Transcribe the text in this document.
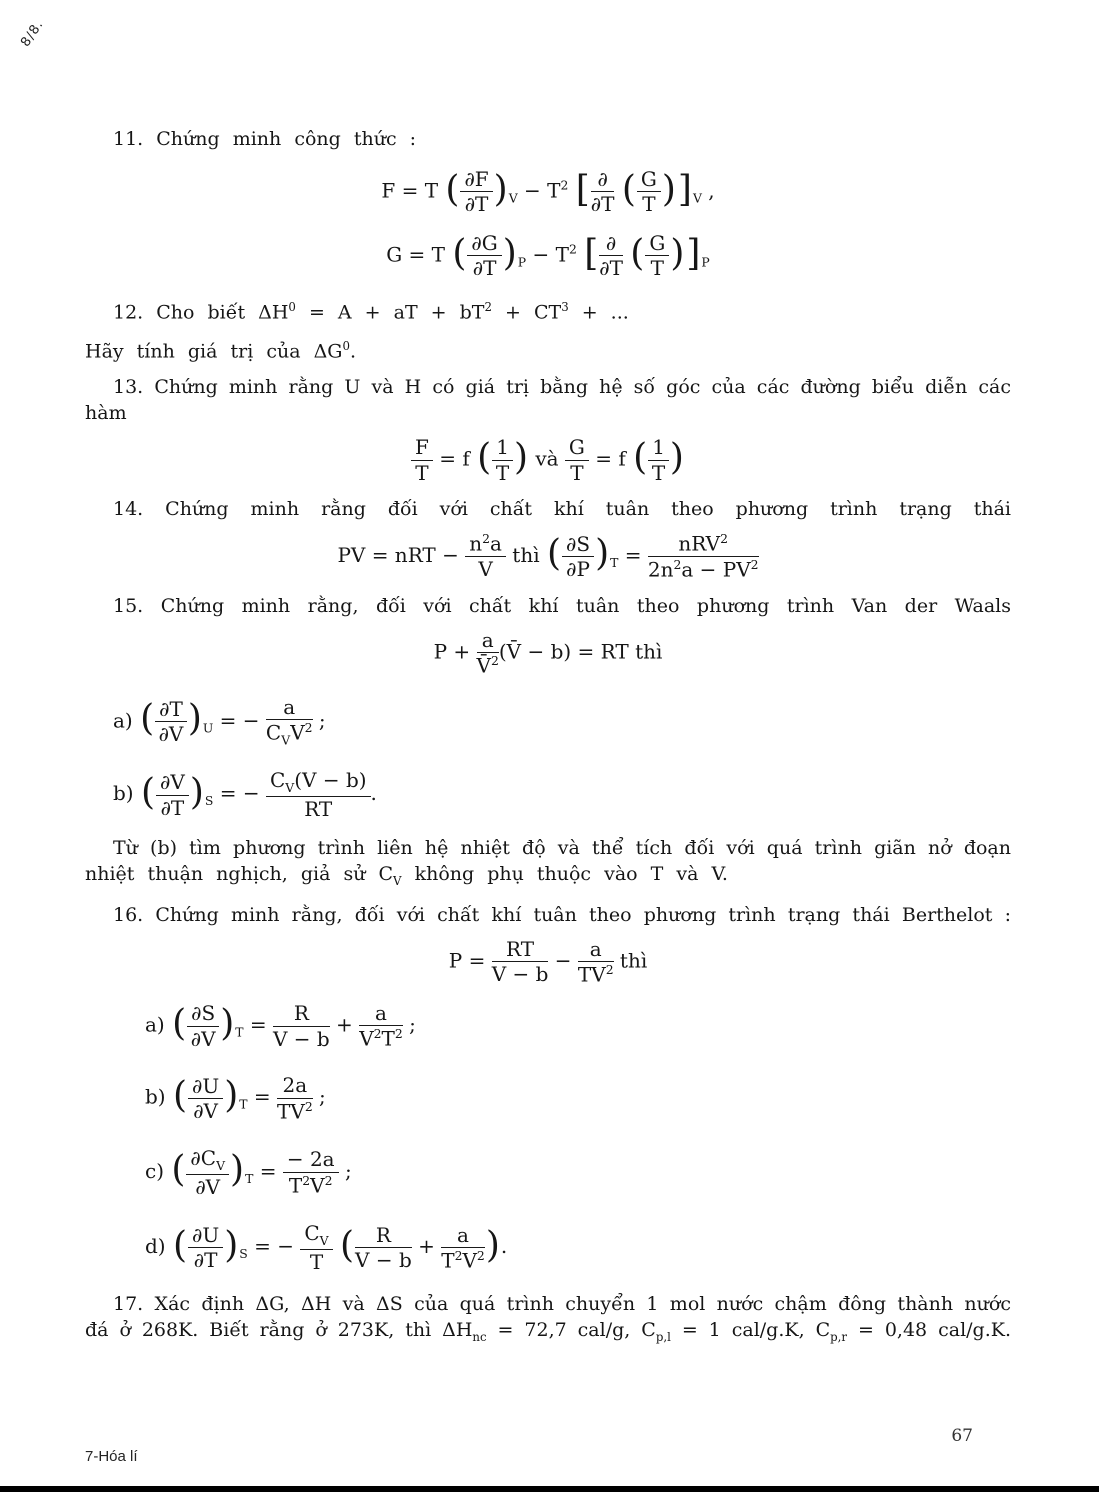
8/8.
11. Chứng minh công thức :
F = T ( $\frac{\partial F}{\partial T} )_V - T^2$ [ $\frac{\partial}{\partial T}$ ( $\frac{G}{T} )]_V$ ,
G = T ( $\frac{\partial G}{\partial T} )_P - T^2$ [ $\frac{\partial}{\partial T}$ ( $\frac{G}{T} )]_P$
12. Cho biết $\Delta H^0 = A$ + aT + $bT^2 + CT^3$ + ...
Hãy tính giá trị của $\Delta G^0$.
13. Chứng minh rằng U và H có giá trị bằng hệ số góc của các đường biểu diễn các
hàm
$\frac{F}{T} = f$ ( $\frac{1}{T}$ ) và $\frac{G}{T} = f$ ( $\frac{1}{T}$ )
14. Chứng minh rằng đối với chất khí tuân theo phương trình trạng thái
PV = nRT − $\frac{n^2a}{V}$ thì ( $\frac{\partial S}{\partial P} )_T = \frac{nRV^2}{2n^2a - PV^2}$
15. Chứng minh rằng, đối với chất khí tuân theo phương trình Van der Waals
$P + \frac{a}{V̄^2}$ (V̄ − b) = RT thì
a) ( $\frac{\partial T}{\partial V} )_U$ = − $\frac{a}{C_VV^2}$ ;
b) ( $\frac{\partial V}{\partial T} )_S$ = − $\frac{C_V(V - b)}{RT}$ .
Từ (b) tìm phương trình liên hệ nhiệt độ và thể tích đối với quá trình giãn nở đoạn
nhiệt thuận nghịch, giả sử $C_V$ không phụ thuộc vào T và V.
16. Chứng minh rằng, đối với chất khí tuân theo phương trình trạng thái Berthelot :
$P = \frac{RT}{V - b} - \frac{a}{TV^2}$ thì
a) ( $\frac{\partial S}{\partial V} )_T = \frac{R}{V - b} + \frac{a}{V^2T^2}$ ;
b) ( $\frac{\partial U}{\partial V} )_T = \frac{2a}{TV^2}$ ;
c) ( $\frac{\partial C_V}{\partial V} )_T = \frac{- 2a}{T^2V^2}$ ;
d) ( $\frac{\partial U}{\partial T} )_S$ = − $\frac{C_V}{T}$ ( $\frac{R}{V - b} + \frac{a}{T^2V^2}$ ).
17. Xác định ΔG, ΔH và ΔS của quá trình chuyển 1 mol nước chậm đông thành nước
đá ở 268K. Biết rằng ở 273K, thì $\Delta H_{nc} = 72,7$ cal/g, $C_{p,l} = 1$ cal/g.K, $C_{p,r} = 0,48$ cal/g.K.
7-Hóa lí
67
